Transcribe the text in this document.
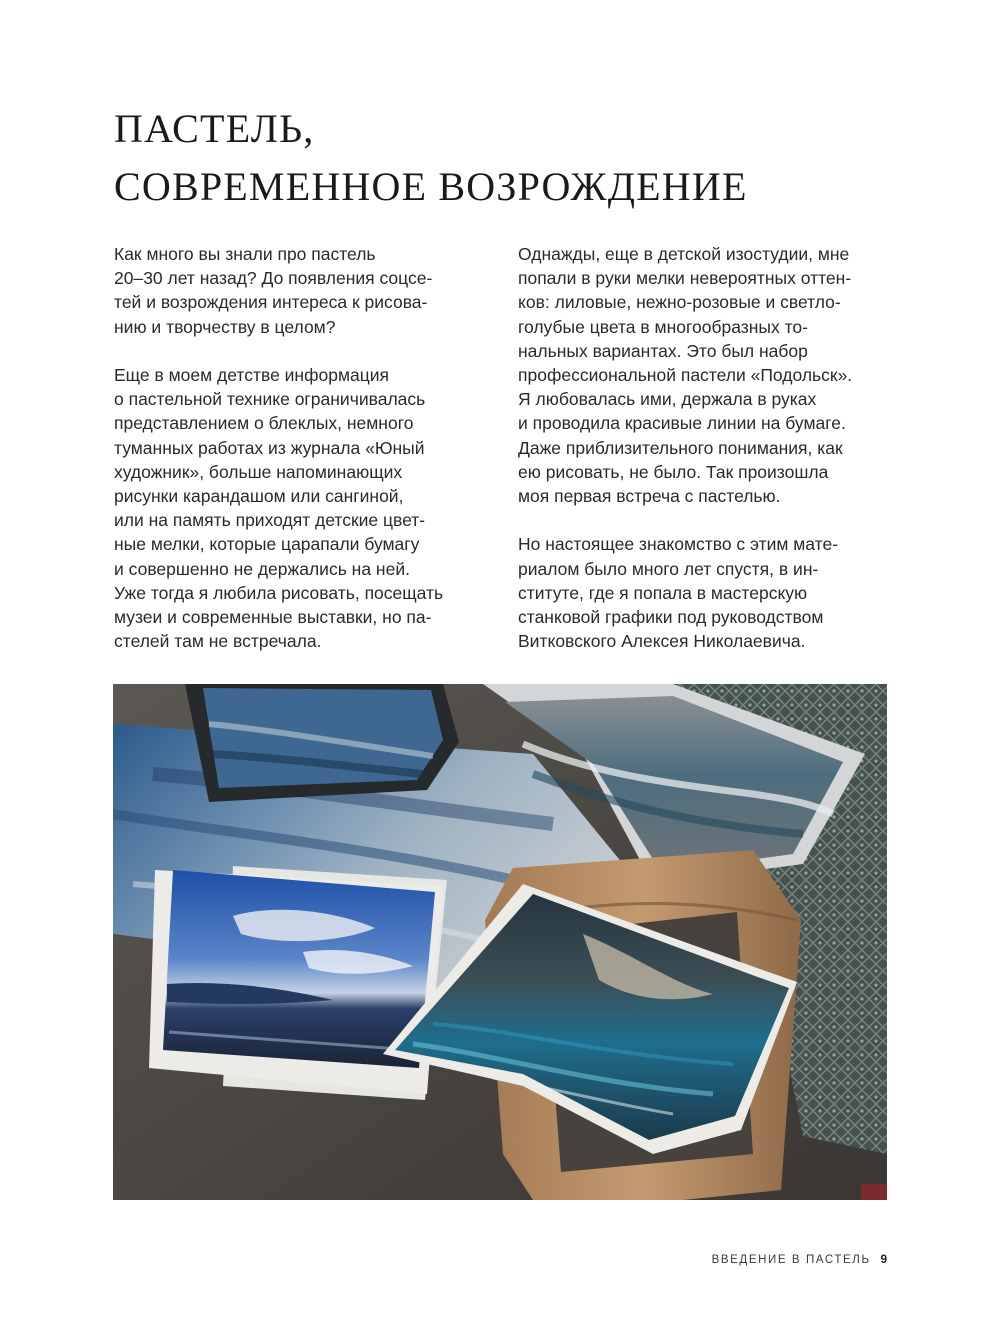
ПАСТЕЛЬ,
СОВРЕМЕННОЕ ВОЗРОЖДЕНИЕ

Как много вы знали про пастель
20–30 лет назад? До появления соцсе-
тей и возрождения интереса к рисова-
нию и творчеству в целом?

Еще в моем детстве информация
о пастельной технике ограничивалась
представлением о блеклых, немного
туманных работах из журнала «Юный
художник», больше напоминающих
рисунки карандашом или сангиной,
или на память приходят детские цвет-
ные мелки, которые царапали бумагу
и совершенно не держались на ней.
Уже тогда я любила рисовать, посещать
музеи и современные выставки, но па-
стелей там не встречала.

Однажды, еще в детской изостудии, мне
попали в руки мелки невероятных оттен-
ков: лиловые, нежно-розовые и светло-
голубые цвета в многообразных то-
нальных вариантах. Это был набор
профессиональной пастели «Подольск».
Я любовалась ими, держала в руках
и проводила красивые линии на бумаге.
Даже приблизительного понимания, как
ею рисовать, не было. Так произошла
моя первая встреча с пастелью.

Но настоящее знакомство с этим мате-
риалом было много лет спустя, в ин-
ституте, где я попала в мастерскую
станковой графики под руководством
Витковского Алексея Николаевича.

ВВЕДЕНИЕ В ПАСТЕЛЬ 9
